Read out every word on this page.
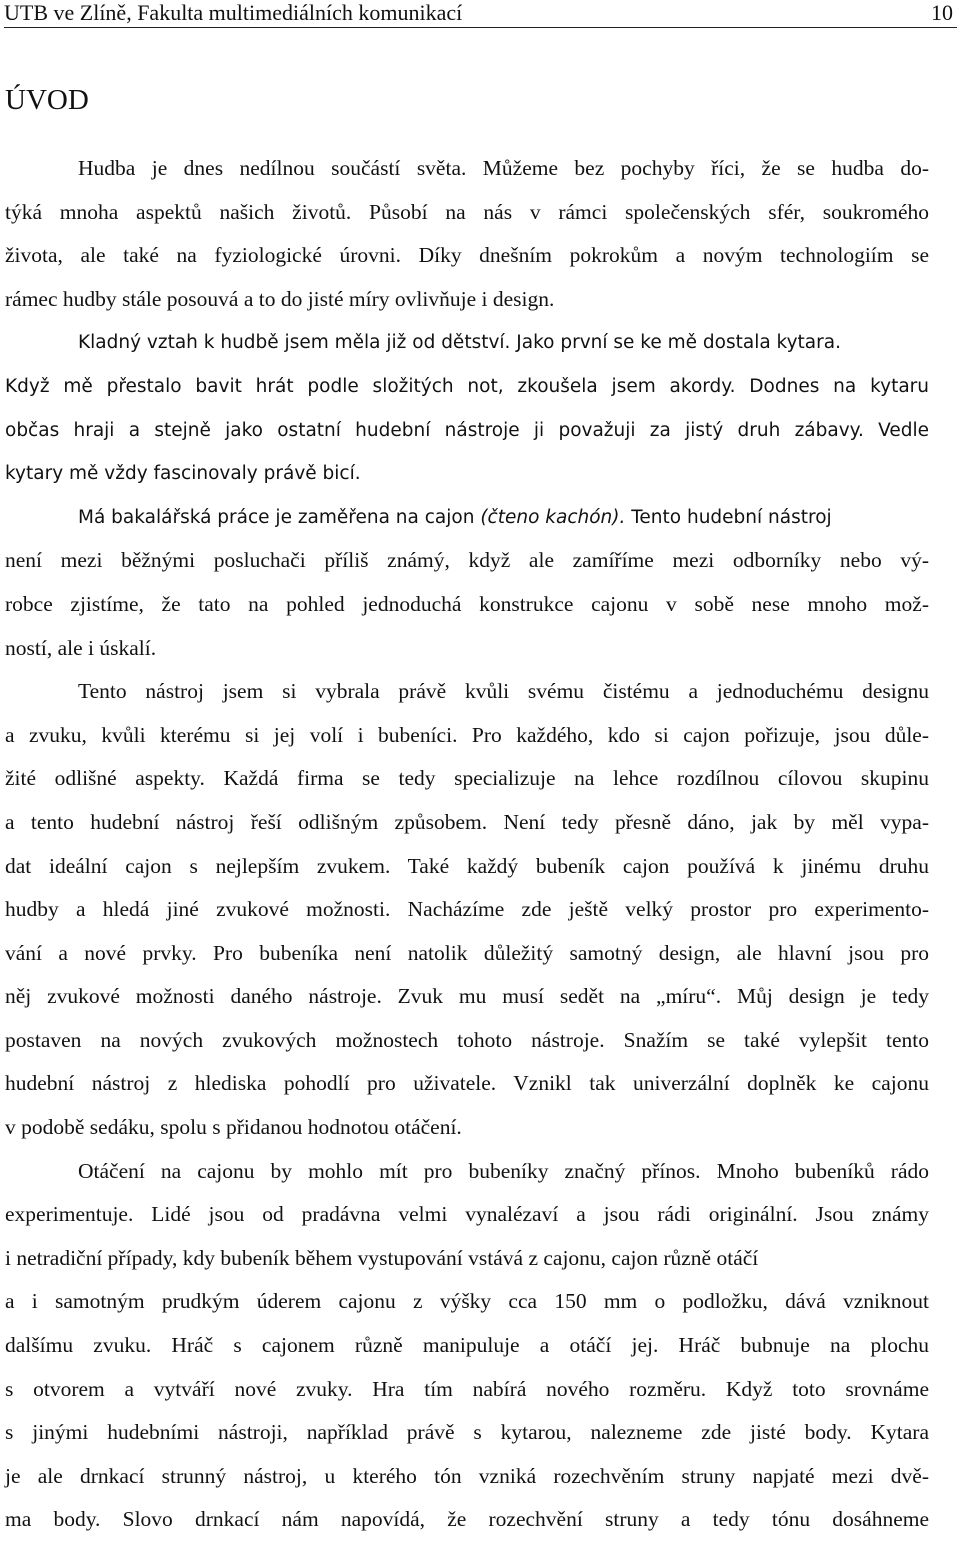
UTB ve Zlíně, Fakulta multimediálních komunikací	10
ÚVOD
Hudba je dnes nedílnou součástí světa. Můžeme bez pochyby říci, že se hudba do-
týká mnoha aspektů našich životů. Působí na nás v rámci společenských sfér, soukromého
života, ale také na fyziologické úrovni. Díky dnešním pokrokům a novým technologiím se
rámec hudby stále posouvá a to do jisté míry ovlivňuje i design.
Kladný vztah k hudbě jsem měla již od dětství. Jako první se ke mě dostala kytara.
Když mě přestalo bavit hrát podle složitých not, zkoušela jsem akordy. Dodnes na kytaru
občas hraji a stejně jako ostatní hudební nástroje ji považuji za jistý druh zábavy. Vedle
kytary mě vždy fascinovaly právě bicí.
Má bakalářská práce je zaměřena na cajon (čteno kachón). Tento hudební nástroj
není mezi běžnými posluchači příliš známý, když ale zamíříme mezi odborníky nebo vý-
robce zjistíme, že tato na pohled jednoduchá konstrukce cajonu v sobě nese mnoho mož-
ností, ale i úskalí.
Tento nástroj jsem si vybrala právě kvůli svému čistému a jednoduchému designu
a zvuku, kvůli kterému si jej volí i bubeníci. Pro každého, kdo si cajon pořizuje, jsou důle-
žité odlišné aspekty. Každá firma se tedy specializuje na lehce rozdílnou cílovou skupinu
a tento hudební nástroj řeší odlišným způsobem. Není tedy přesně dáno, jak by měl vypa-
dat ideální cajon s nejlepším zvukem. Také každý bubeník cajon používá k jinému druhu
hudby a hledá jiné zvukové možnosti. Nacházíme zde ještě velký prostor pro experimento-
vání a nové prvky. Pro bubeníka není natolik důležitý samotný design, ale hlavní jsou pro
něj zvukové možnosti daného nástroje. Zvuk mu musí sedět na „míru“. Můj design je tedy
postaven na nových zvukových možnostech tohoto nástroje. Snažím se také vylepšit tento
hudební nástroj z hlediska pohodlí pro uživatele. Vznikl tak univerzální doplněk ke cajonu
v podobě sedáku, spolu s přidanou hodnotou otáčení.
Otáčení na cajonu by mohlo mít pro bubeníky značný přínos. Mnoho bubeníků rádo
experimentuje. Lidé jsou od pradávna velmi vynalézaví a jsou rádi originální. Jsou známy
i netradiční případy, kdy bubeník během vystupování vstává z cajonu, cajon různě otáčí
a i samotným prudkým úderem cajonu z výšky cca 150 mm o podložku, dává vzniknout
dalšímu zvuku. Hráč s cajonem různě manipuluje a otáčí jej. Hráč bubnuje na plochu
s otvorem a vytváří nové zvuky. Hra tím nabírá nového rozměru. Když toto srovnáme
s jinými hudebními nástroji, například právě s kytarou, nalezneme zde jisté body. Kytara
je ale drnkací strunný nástroj, u kterého tón vzniká rozechvěním struny napjaté mezi dvě-
ma body. Slovo drnkací nám napovídá, že rozechvění struny a tedy tónu dosáhneme
